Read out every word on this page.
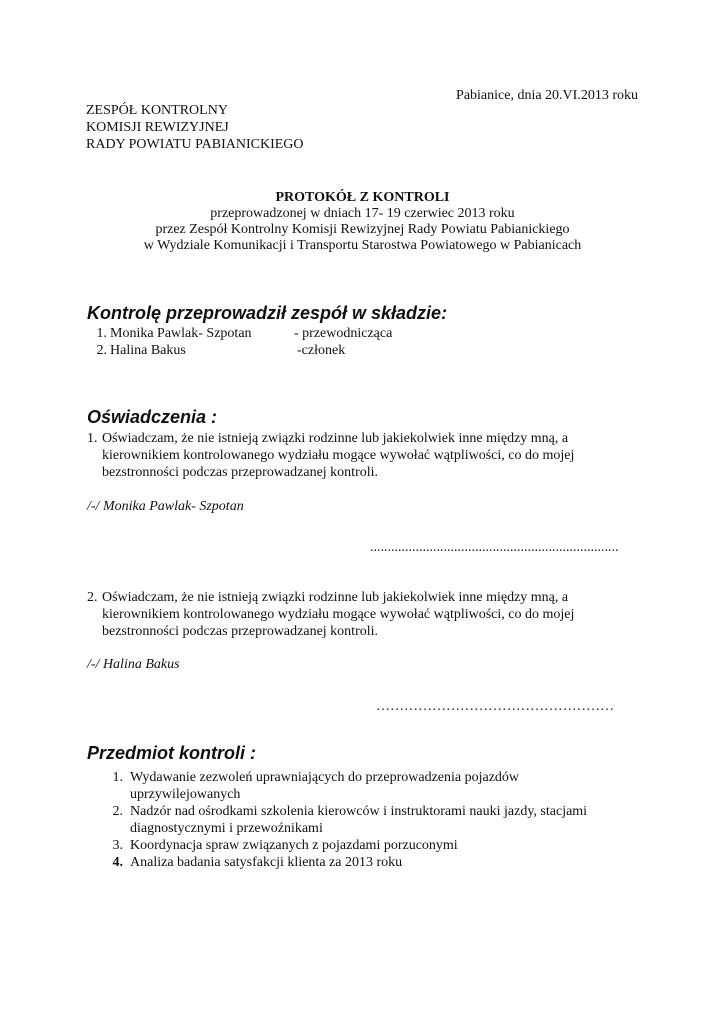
Pabianice, dnia 20.VI.2013 roku
ZESPÓŁ KONTROLNY
KOMISJI REWIZYJNEJ
RADY POWIATU PABIANICKIEGO
PROTOKÓŁ Z KONTROLI
przeprowadzonej w dniach 17- 19 czerwiec 2013 roku
przez Zespół Kontrolny Komisji Rewizyjnej Rady Powiatu Pabianickiego
w Wydziale Komunikacji i Transportu Starostwa Powiatowego w Pabianicach
Kontrolę przeprowadził zespół w składzie:
1. Monika Pawlak- Szpotan	- przewodnicząca
2. Halina Bakus	-członek
Oświadczenia :
1. Oświadczam, że nie istnieją związki rodzinne lub jakiekolwiek inne między mną, a
kierownikiem kontrolowanego wydziału mogące wywołać wątpliwości, co do mojej
bezstronności podczas przeprowadzanej kontroli.
/-/ Monika Pawlak- Szpotan
.......................................................................
2. Oświadczam, że nie istnieją związki rodzinne lub jakiekolwiek inne między mną, a
kierownikiem kontrolowanego wydziału mogące wywołać wątpliwości, co do mojej
bezstronności podczas przeprowadzanej kontroli.
/-/ Halina Bakus
……………………………………………
Przedmiot kontroli :
1. Wydawanie zezwoleń uprawniających do przeprowadzenia pojazdów
uprzywilejowanych
2. Nadzór nad ośrodkami szkolenia kierowców i instruktorami nauki jazdy, stacjami
diagnostycznymi i przewoźnikami
3. Koordynacja spraw związanych z pojazdami porzuconymi
4. Analiza badania satysfakcji klienta za 2013 roku
